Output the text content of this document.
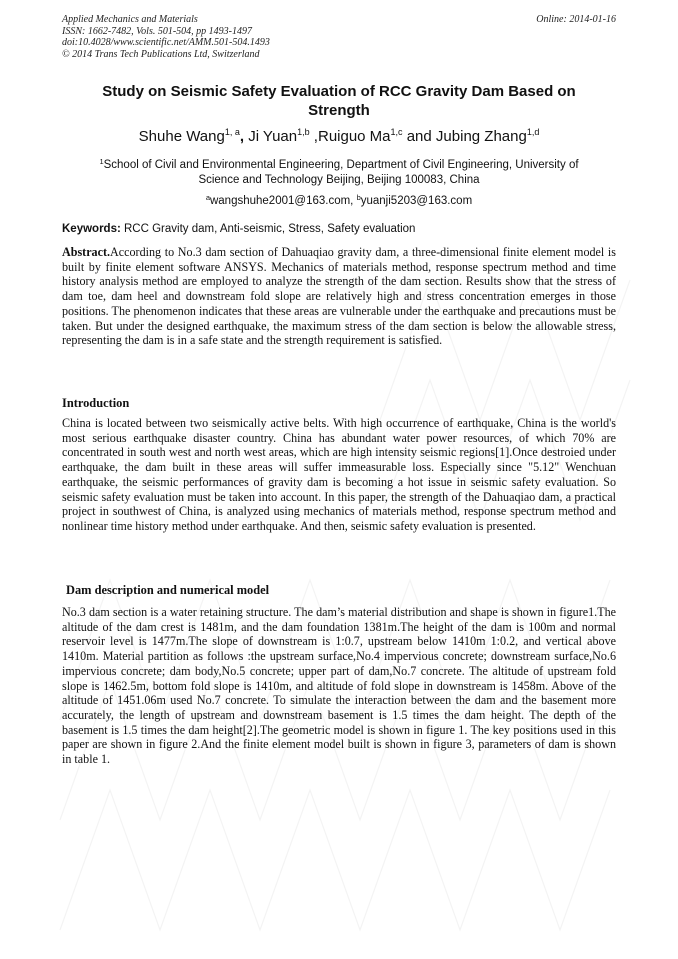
Applied Mechanics and Materials
ISSN: 1662-7482, Vols. 501-504, pp 1493-1497
doi:10.4028/www.scientific.net/AMM.501-504.1493
© 2014 Trans Tech Publications Ltd, Switzerland
Online: 2014-01-16
Study on Seismic Safety Evaluation of RCC Gravity Dam Based on
Strength
Shuhe Wang$^{1, a}$, Ji Yuan$^{1,b}$ ,Ruiguo Ma$^{1,c}$ and Jubing Zhang$^{1,d}$
$^1$School of Civil and Environmental Engineering, Department of Civil Engineering, University of
Science and Technology Beijing, Beijing 100083, China
$^a$wangshuhe2001@163.com, $^b$yuanji5203@163.com
Keywords: RCC Gravity dam, Anti-seismic, Stress, Safety evaluation
Abstract.According to No.3 dam section of Dahuaqiao gravity dam, a three-dimensional finite element model is built by finite element software ANSYS. Mechanics of materials method, response spectrum method and time history analysis method are employed to analyze the strength of the dam section. Results show that the stress of dam toe, dam heel and downstream fold slope are relatively high and stress concentration emerges in those positions. The phenomenon indicates that these areas are vulnerable under the earthquake and precautions must be taken. But under the designed earthquake, the maximum stress of the dam section is below the allowable stress, representing the dam is in a safe state and the strength requirement is satisfied.
Introduction
China is located between two seismically active belts. With high occurrence of earthquake, China is the world's most serious earthquake disaster country. China has abundant water power resources, of which 70% are concentrated in south west and north west areas, which are high intensity seismic regions[1].Once destroied under earthquake, the dam built in these areas will suffer immeasurable loss. Especially since "5.12" Wenchuan earthquake, the seismic performances of gravity dam is becoming a hot issue in seismic safety evaluation. So seismic safety evaluation must be taken into account. In this paper, the strength of the Dahuaqiao dam, a practical project in southwest of China, is analyzed using mechanics of materials method, response spectrum method and nonlinear time history method under earthquake. And then, seismic safety evaluation is presented.
Dam description and numerical model
No.3 dam section is a water retaining structure. The dam’s material distribution and shape is shown in figure1.The altitude of the dam crest is 1481m, and the dam foundation 1381m.The height of the dam is 100m and normal reservoir level is 1477m.The slope of downstream is 1:0.7, upstream below 1410m 1:0.2, and vertical above 1410m. Material partition as follows :the upstream surface,No.4 impervious concrete; downstream surface,No.6 impervious concrete; dam body,No.5 concrete; upper part of dam,No.7 concrete. The altitude of upstream fold slope is 1462.5m, bottom fold slope is 1410m, and altitude of fold slope in downstream is 1458m. Above of the altitude of 1451.06m used No.7 concrete. To simulate the interaction between the dam and the basement more accurately, the length of upstream and downstream basement is 1.5 times the dam height. The depth of the basement is 1.5 times the dam height[2].The geometric model is shown in figure 1. The key positions used in this paper are shown in figure 2.And the finite element model built is shown in figure 3, parameters of dam is shown in table 1.
